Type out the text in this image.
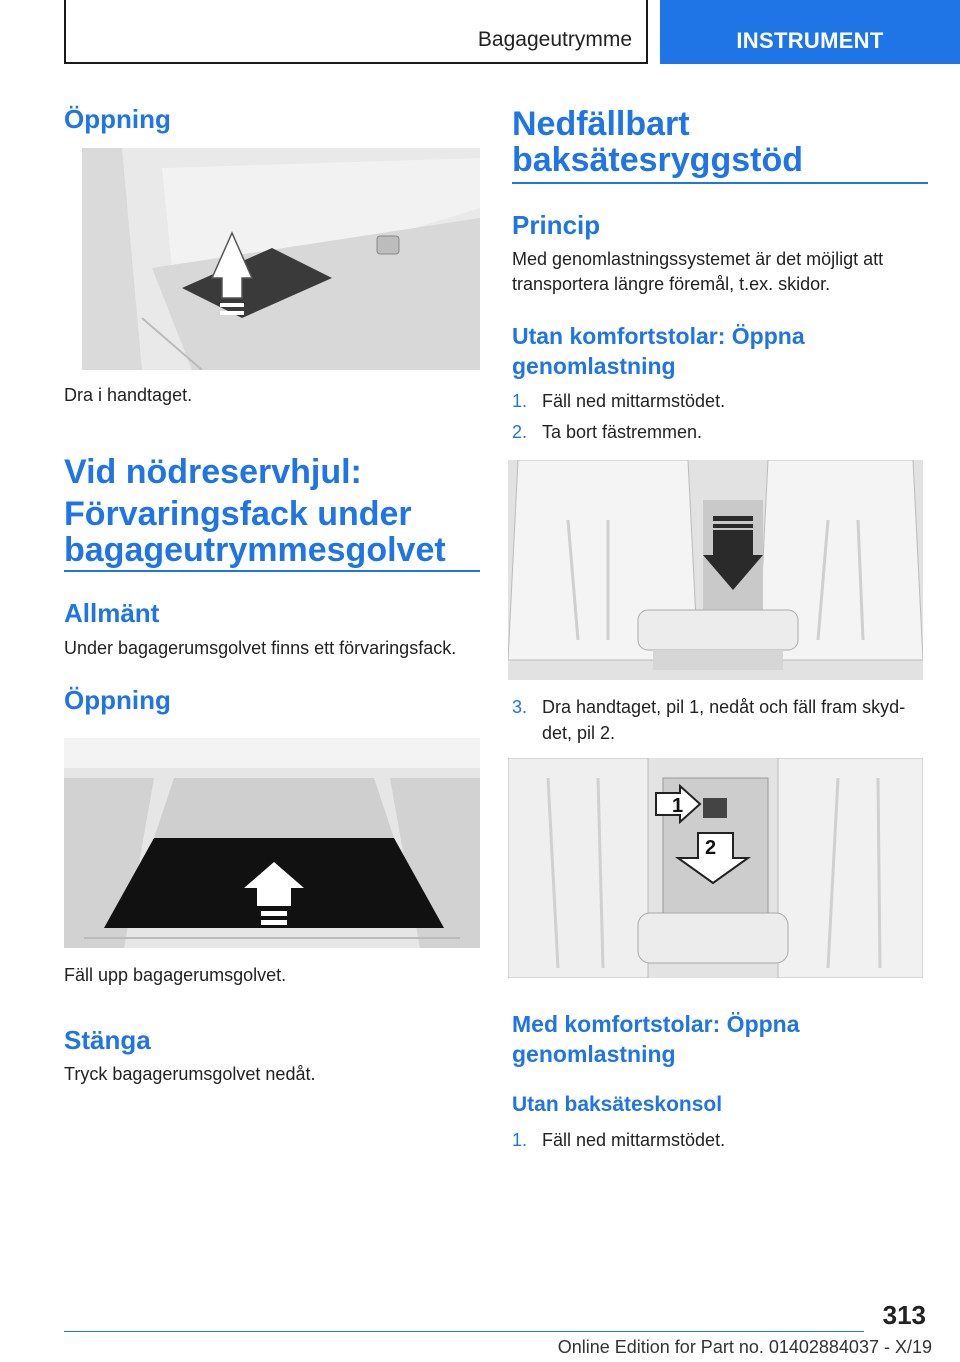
Bagageutrymme	INSTRUMENT
Öppning
Dra i handtaget.
Vid nödreservhjul:
Förvaringsfack under
bagageutrymmesgolvet
Allmänt
Under bagagerumsgolvet finns ett förvaringsfack.
Öppning
Fäll upp bagagerumsgolvet.
Stänga
Tryck bagagerumsgolvet nedåt.
Nedfällbart
baksätesryggstöd
Princip
Med genomlastningssystemet är det möjligt att
transportera längre föremål, t.ex. skidor.
Utan komfortstolar: Öppna
genomlastning
1. Fäll ned mittarmstödet.
2. Ta bort fästremmen.
3. Dra handtaget, pil 1, nedåt och fäll fram skyd‐
det, pil 2.
1
2
Med komfortstolar: Öppna
genomlastning
Utan baksäteskonsol
1. Fäll ned mittarmstödet.
313
Online Edition for Part no. 01402884037 - X/19
